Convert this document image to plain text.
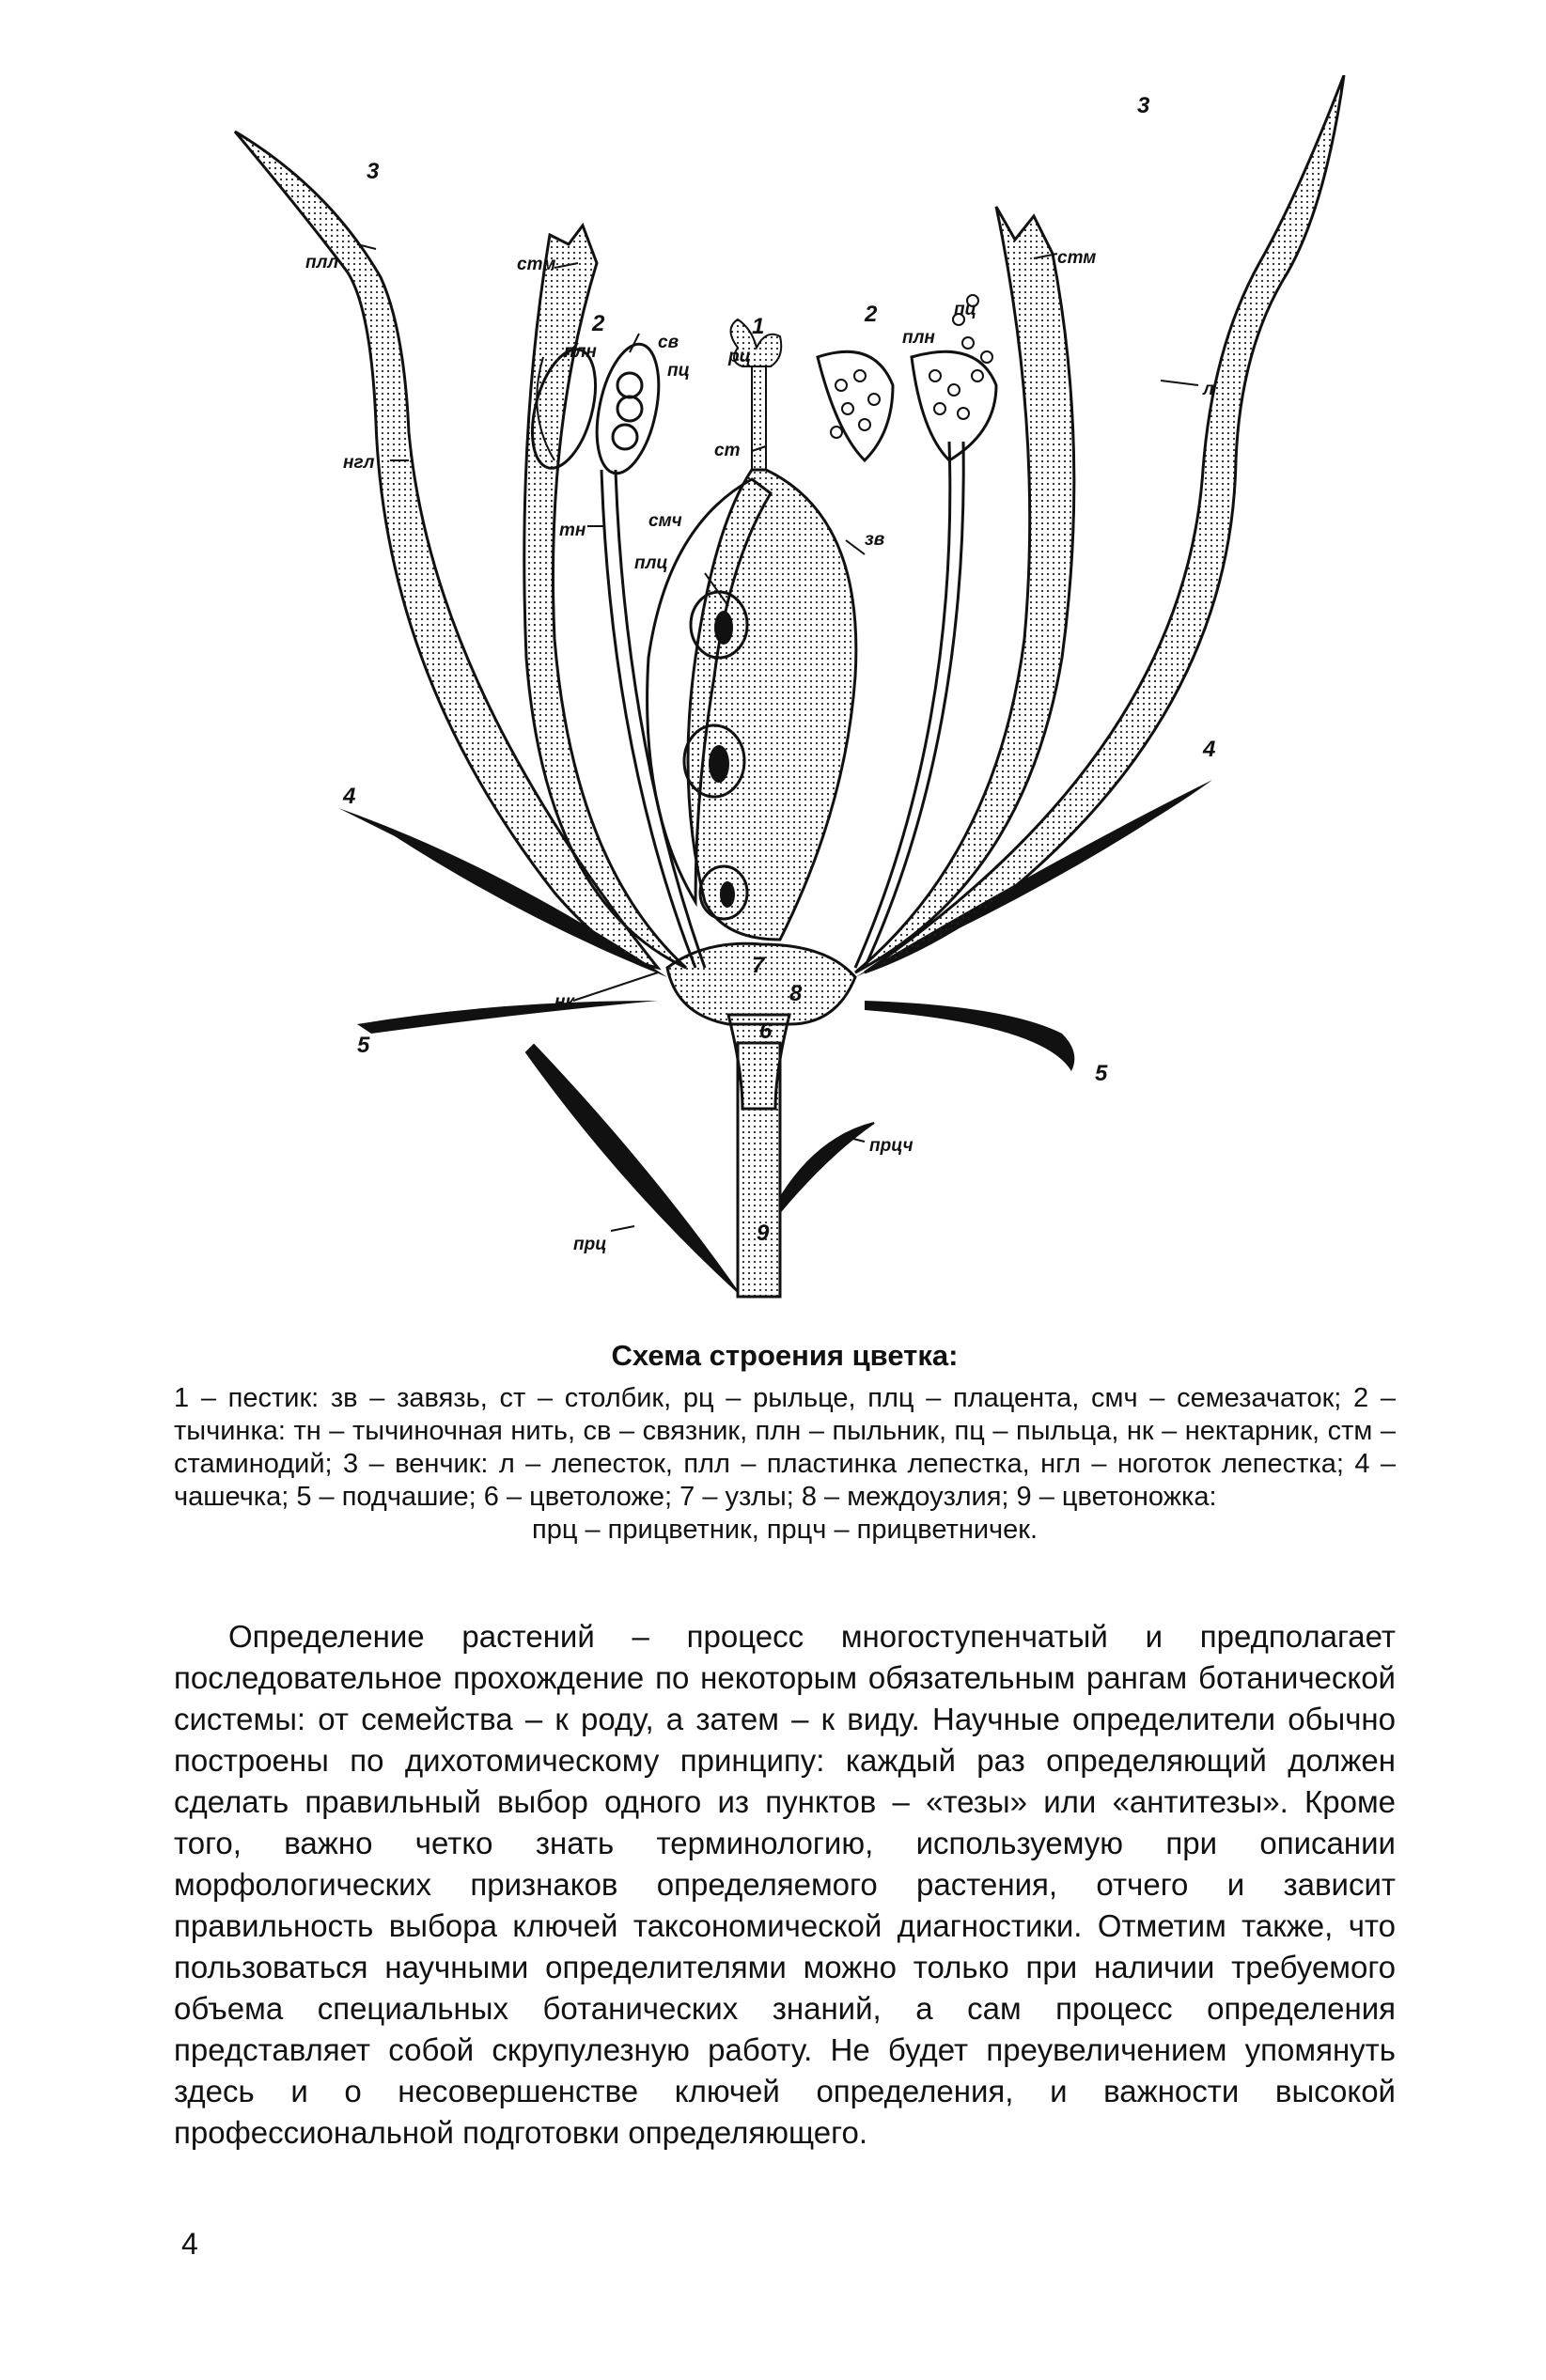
3
3
плл	стм	стм
2	2
1
плн
плн
св
пц
пц
рц
л
нгл
ст
тн	смч
плц
зв
4
4
нк
5
5
7
8
6
прцч
прц	9

Схема строения цветка:

1 – пестик: зв – завязь, ст – столбик, рц – рыльце, плц – плацента, смч – семезачаток; 2 – тычинка: тн – тычиночная нить, св – связник, плн – пыльник, пц – пыльца, нк – нектарник, стм – стаминодий; 3 – венчик: л – лепесток, плл – пластинка лепестка, нгл – ноготок лепестка; 4 – чашечка; 5 – подчашие; 6 – цветоложе; 7 – узлы; 8 – междоузлия; 9 – цветоножка:
прц – прицветник, прцч – прицветничек.

Определение растений – процесс многоступенчатый и предполагает последовательное прохождение по некоторым обязательным рангам ботанической системы: от семейства – к роду, а затем – к виду. Научные определители обычно построены по дихотомическому принципу: каждый раз определяющий должен сделать правильный выбор одного из пунктов – «тезы» или «антитезы». Кроме того, важно четко знать терминологию, используемую при описании морфологических признаков определяемого растения, отчего и зависит правильность выбора ключей таксономической диагностики. Отметим также, что пользоваться научными определителями можно только при наличии требуемого объема специальных ботанических знаний, а сам процесс определения представляет собой скрупулезную работу. Не будет преувеличением упомянуть здесь и о несовершенстве ключей определения, и важности высокой профессиональной подготовки определяющего.

4
